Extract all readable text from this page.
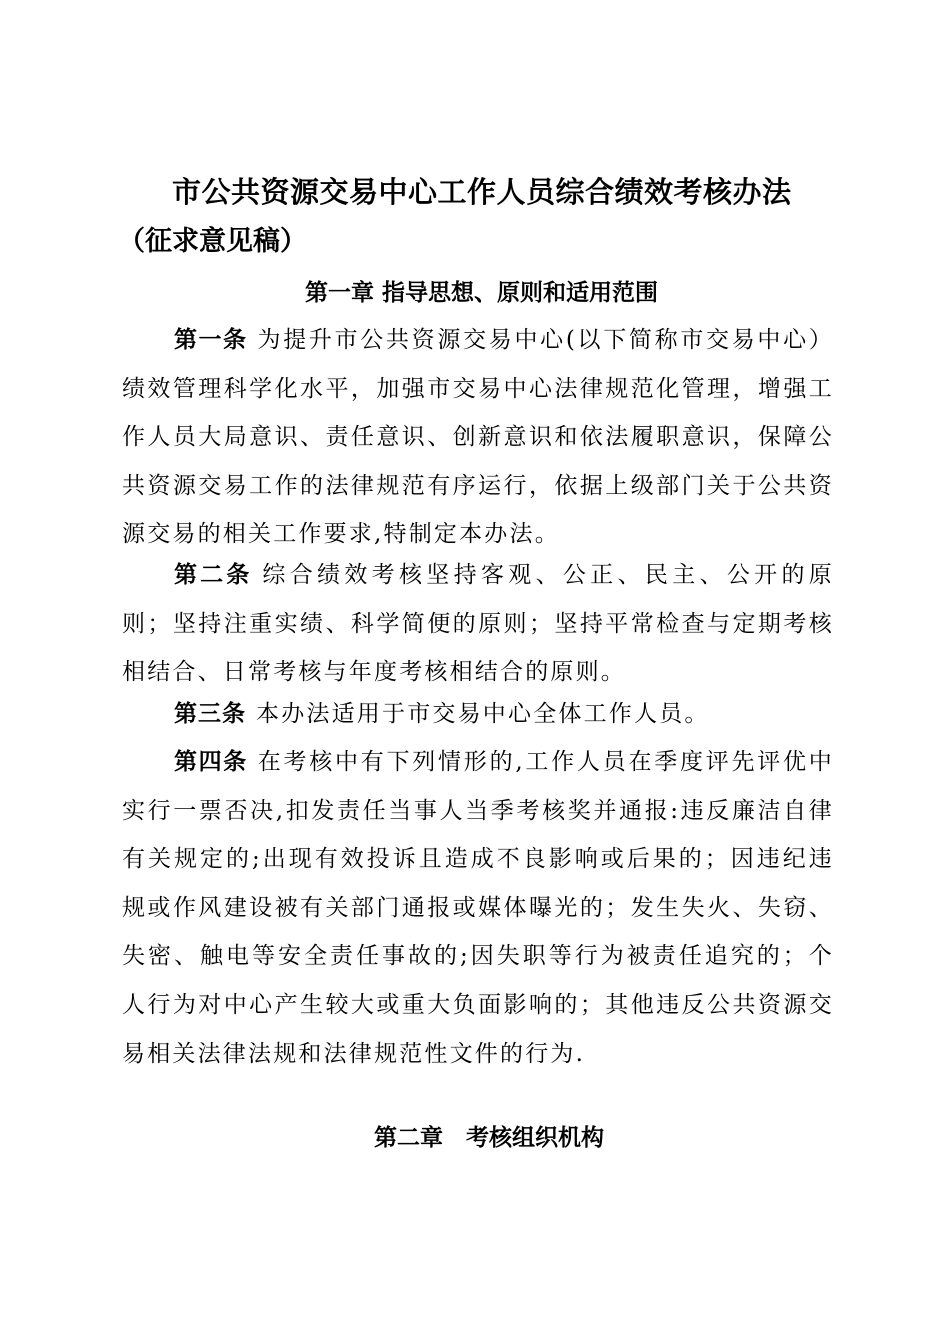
市公共资源交易中心工作人员综合绩效考核办法
（征求意见稿）
第一章 指导思想、原则和适用范围

第一条 为提升市公共资源交易中心(以下简称市交易中心）绩效管理科学化水平，加强市交易中心法律规范化管理，增强工作人员大局意识、责任意识、创新意识和依法履职意识，保障公共资源交易工作的法律规范有序运行，依据上级部门关于公共资源交易的相关工作要求,特制定本办法。

第二条 综合绩效考核坚持客观、公正、民主、公开的原则；坚持注重实绩、科学简便的原则；坚持平常检查与定期考核相结合、日常考核与年度考核相结合的原则。

第三条 本办法适用于市交易中心全体工作人员。

第四条 在考核中有下列情形的,工作人员在季度评先评优中实行一票否决,扣发责任当事人当季考核奖并通报:违反廉洁自律有关规定的;出现有效投诉且造成不良影响或后果的；因违纪违规或作风建设被有关部门通报或媒体曝光的；发生失火、失窃、失密、触电等安全责任事故的;因失职等行为被责任追究的；个人行为对中心产生较大或重大负面影响的；其他违反公共资源交易相关法律法规和法律规范性文件的行为.

第二章　考核组织机构
